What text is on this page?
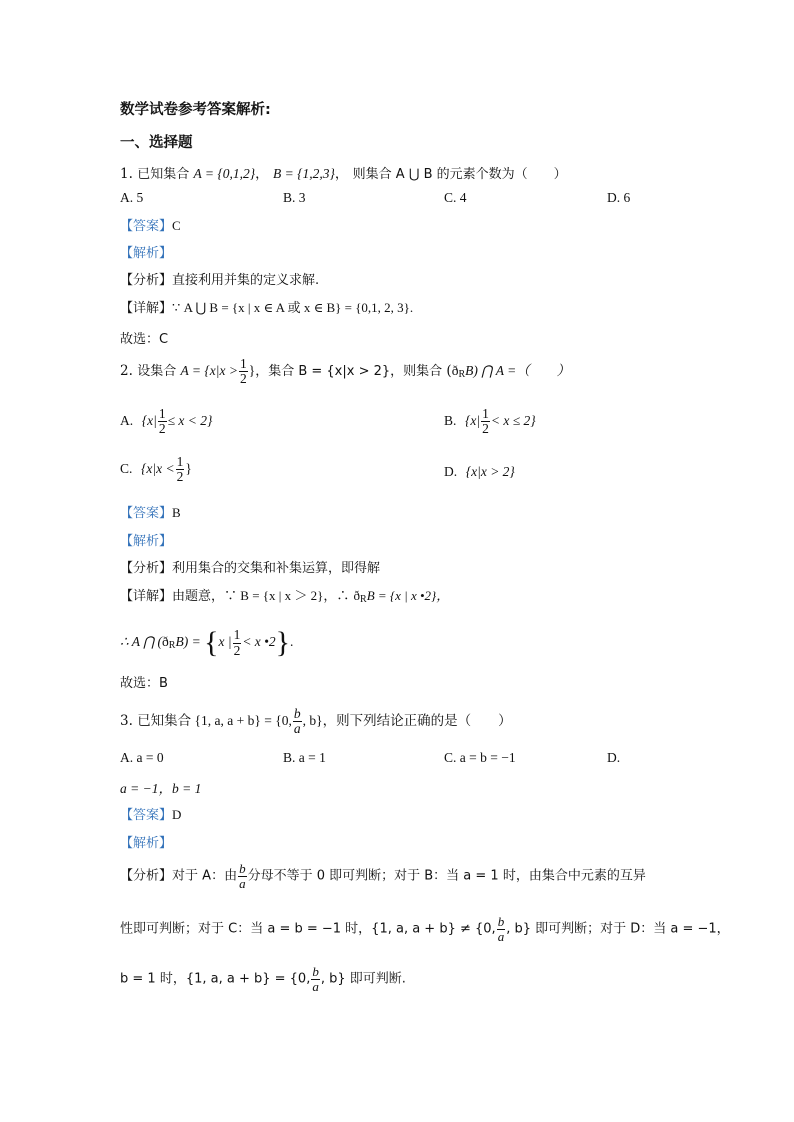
数学试卷参考答案解析:
一、选择题
1. 已知集合 A = {0,1,2}， B = {1,2,3}， 则集合 A ⋃ B 的元素个数为（　　）
A. 5	B. 3	C. 4	D. 6
【答案】C
【解析】
【分析】直接利用并集的定义求解.
【详解】∵ A ⋃ B = {x | x ∈ A 或 x ∈ B} = {0,1, 2, 3}.
故选：C
2. 设集合 $A = \{x|x > \frac{1}{2}$ }，集合 B = {x|x > 2}，则集合 (ðRB) ⋂ A =（　　）
A. $\{x| \frac{1}{2} \le x < 2\}$	B. $\{x| \frac{1}{2} < x \le 2\}$
C. {$x|x < \frac{1}{2}$ }	D. {x|x > 2}
【答案】B
【解析】
【分析】利用集合的交集和补集运算，即得解
【详解】由题意，∵ B = {x | x ＞ 2}，∴ ðRB = {x | x •2}，
∴ A ⋂ (ðRB) = {x | $\frac{1}{2} < x$ •2}.
故选：B
3. 已知集合 {1, a, a + b} = {0, $\frac{b}{a}$ , b}，则下列结论正确的是（　　）
A. a = 0	B. a = 1	C. a = b = −1	D.
a = −1，b = 1
【答案】D
【解析】
【分析】对于 A：由 $\frac{b}{a}$ 分母不等于 0 即可判断；对于 B：当 a = 1 时，由集合中元素的互异
性即可判断；对于 C：当 a = b = −1 时，{1, a, a + b} ≠ {0, $\frac{b}{a}$ , b} 即可判断；对于 D：当 a = −1，
b = 1 时，{1, a, a + b} = {0, $\frac{b}{a}$ , b} 即可判断.
